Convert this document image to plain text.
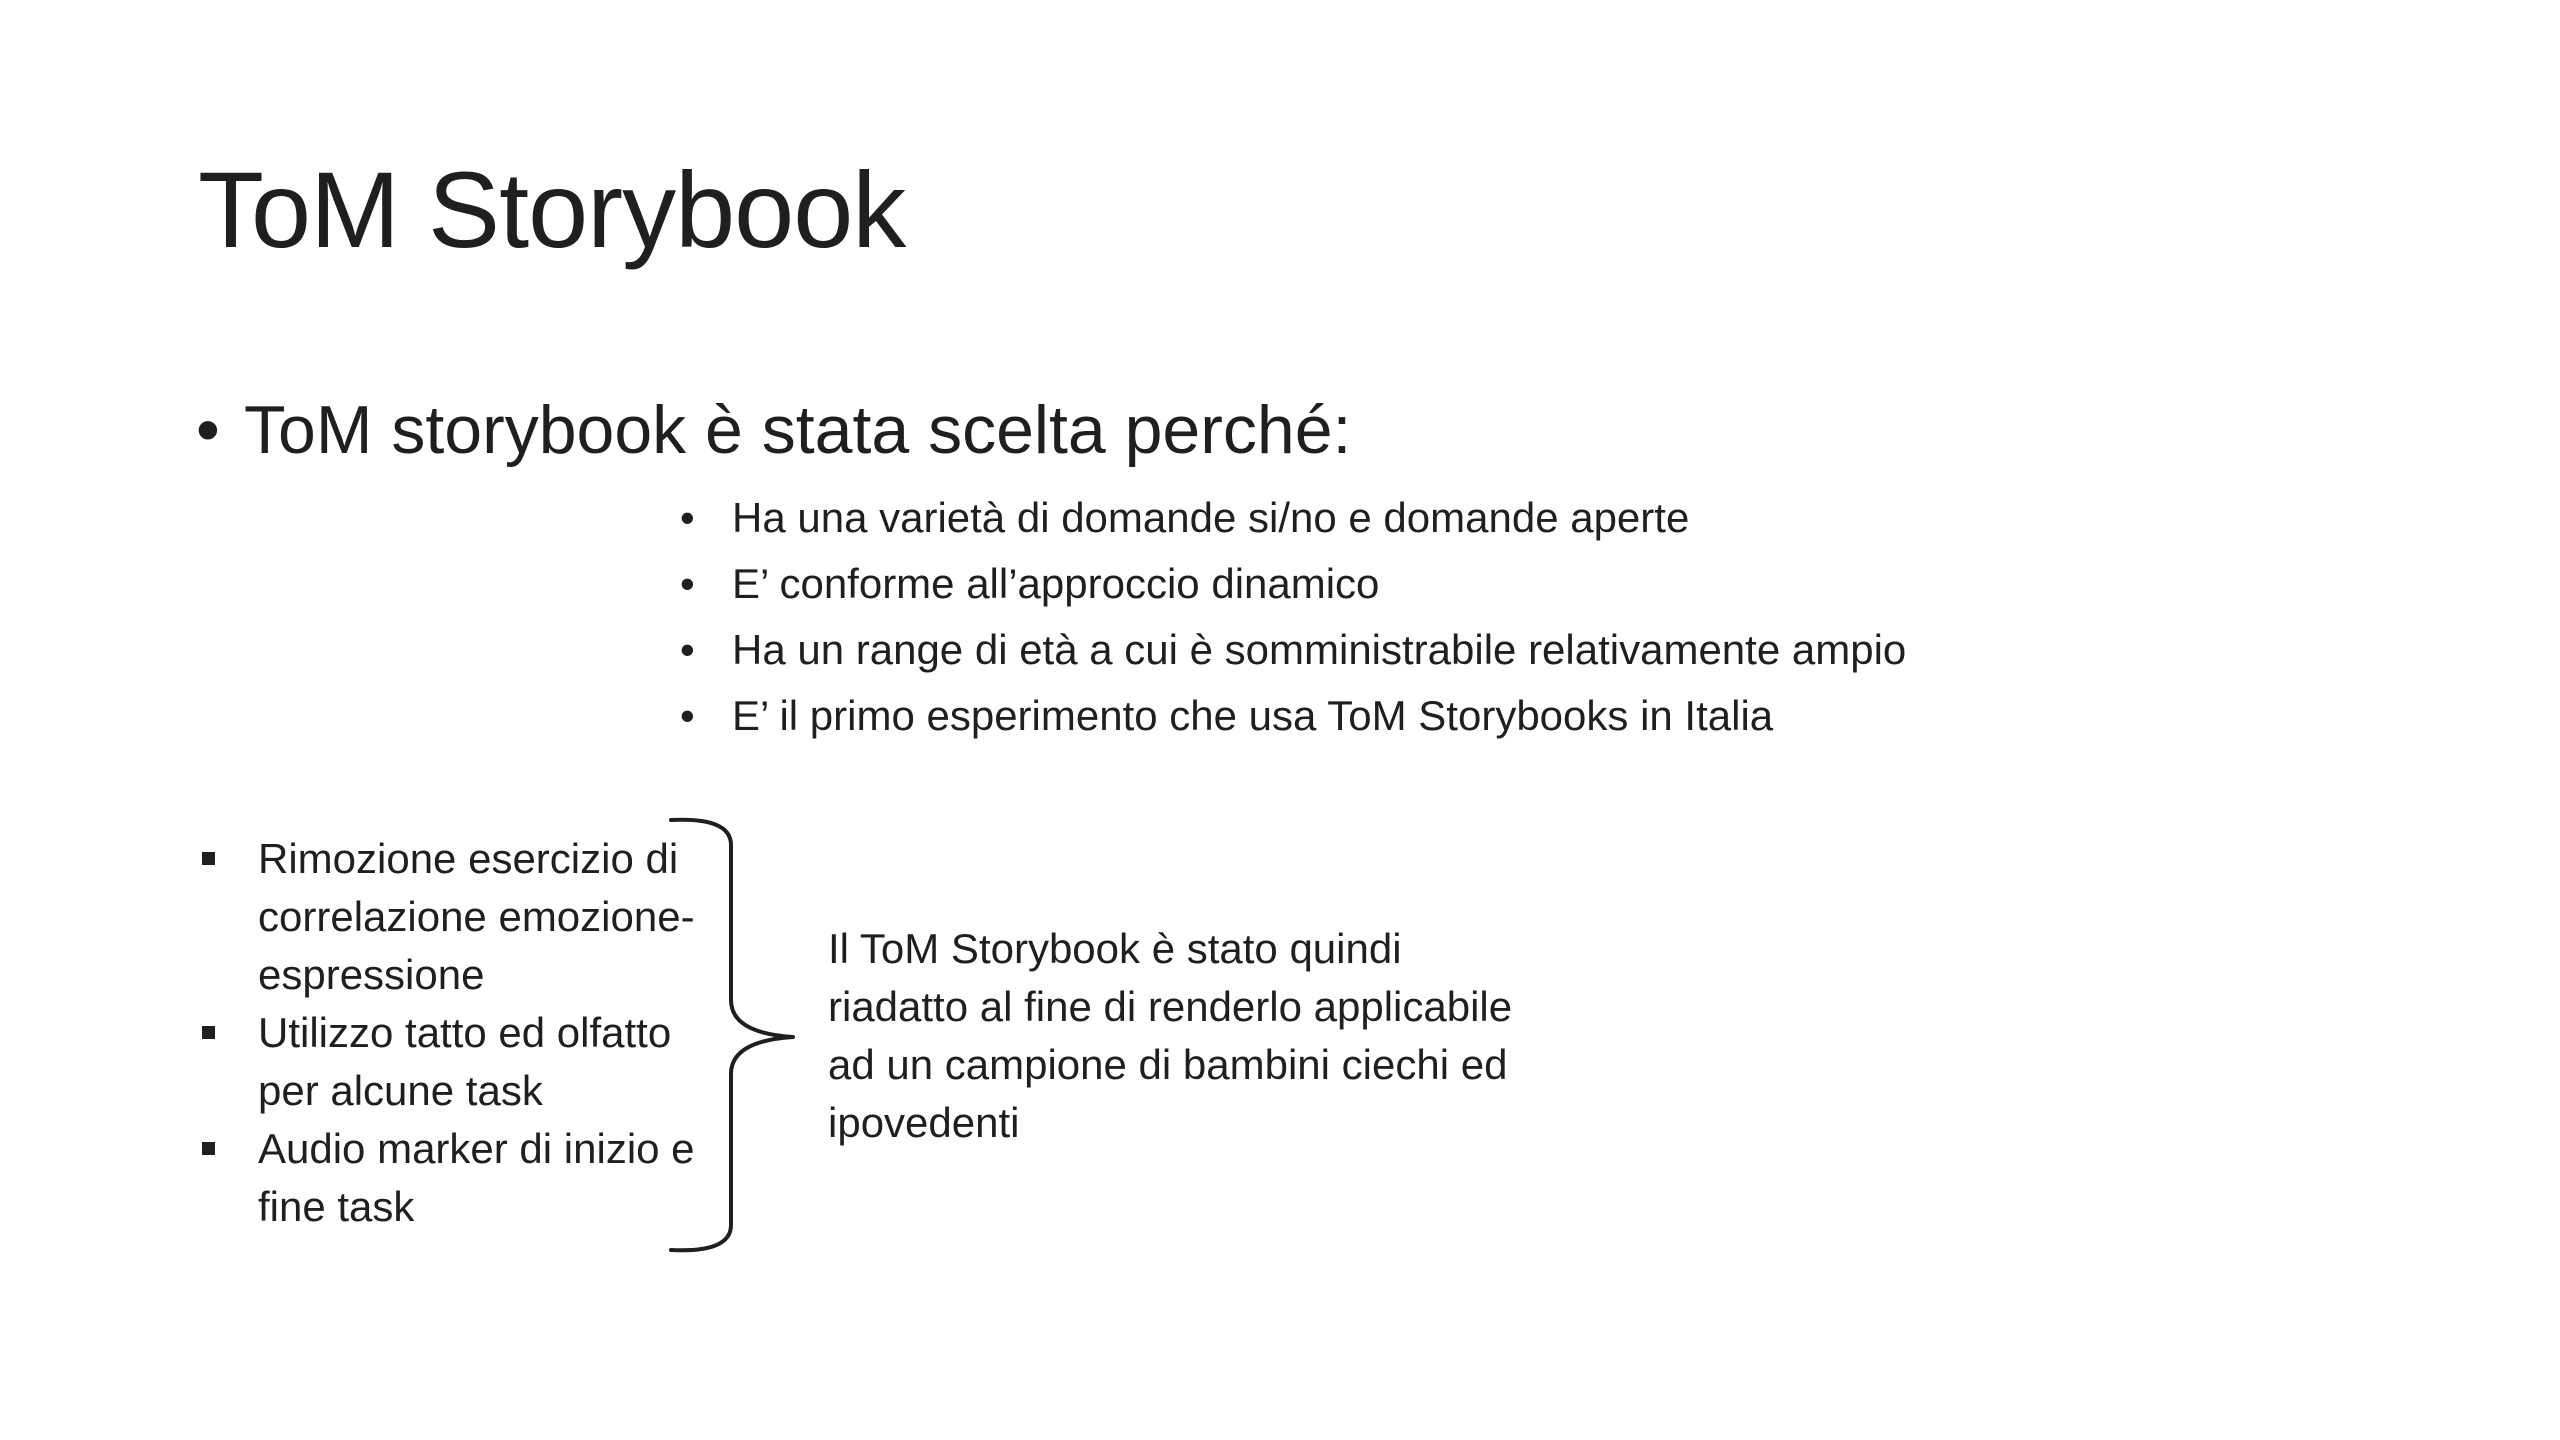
ToM Storybook
• ToM storybook è stata scelta perché:
• Ha una varietà di domande si/no e domande aperte
• E’ conforme all’approccio dinamico
• Ha un range di età a cui è somministrabile relativamente ampio
• E’ il primo esperimento che usa ToM Storybooks in Italia
Rimozione esercizio di correlazione emozione-espressione
Utilizzo tatto ed olfatto per alcune task
Audio marker di inizio e fine task
Il ToM Storybook è stato quindi riadatto al fine di renderlo applicabile ad un campione di bambini ciechi ed ipovedenti
